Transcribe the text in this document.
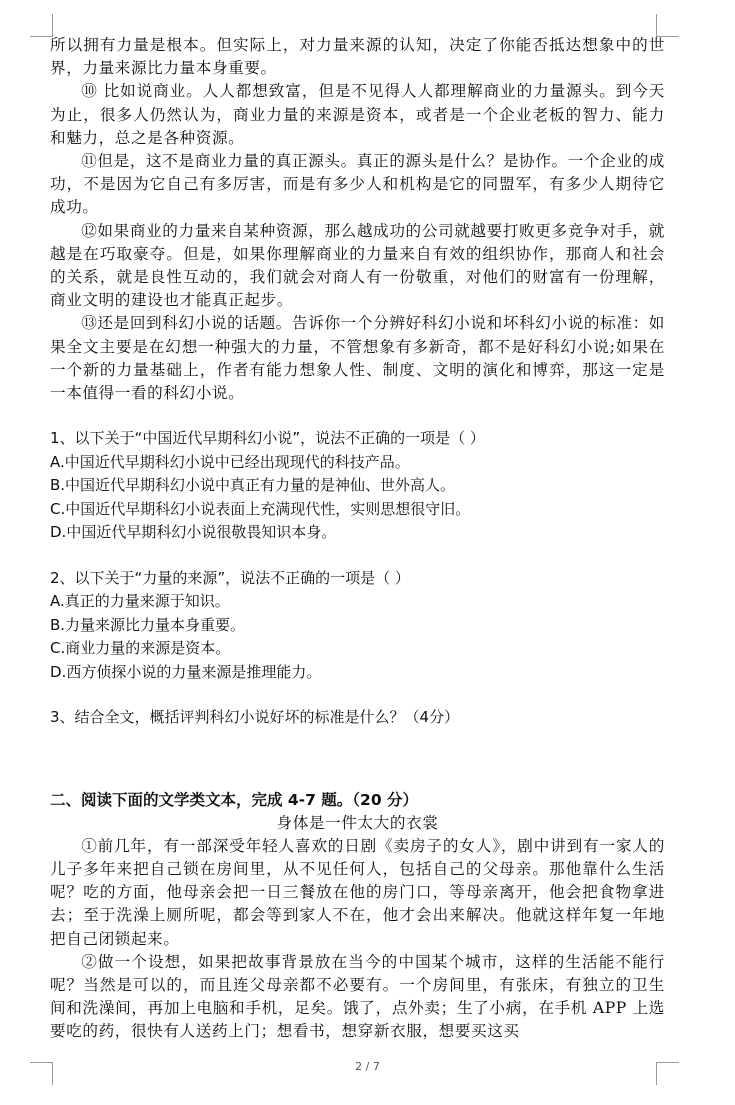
所以拥有力量是根本。但实际上，对力量来源的认知，决定了你能否抵达想象中的世界，力量来源比力量本身重要。

⑩ 比如说商业。人人都想致富，但是不见得人人都理解商业的力量源头。到今天为止，很多人仍然认为，商业力量的来源是资本，或者是一个企业老板的智力、能力和魅力，总之是各种资源。

⑪但是，这不是商业力量的真正源头。真正的源头是什么？是协作。一个企业的成功，不是因为它自己有多厉害，而是有多少人和机构是它的同盟军，有多少人期待它成功。

⑫如果商业的力量来自某种资源，那么越成功的公司就越要打败更多竞争对手，就越是在巧取豪夺。但是，如果你理解商业的力量来自有效的组织协作，那商人和社会的关系，就是良性互动的，我们就会对商人有一份敬重，对他们的财富有一份理解，商业文明的建设也才能真正起步。

⑬还是回到科幻小说的话题。告诉你一个分辨好科幻小说和坏科幻小说的标准：如果全文主要是在幻想一种强大的力量，不管想象有多新奇，都不是好科幻小说;如果在一个新的力量基础上，作者有能力想象人性、制度、文明的演化和博弈，那这一定是一本值得一看的科幻小说。

1、以下关于“中国近代早期科幻小说”，说法不正确的一项是（ ）

A.中国近代早期科幻小说中已经出现现代的科技产品。

B.中国近代早期科幻小说中真正有力量的是神仙、世外高人。

C.中国近代早期科幻小说表面上充满现代性，实则思想很守旧。

D.中国近代早期科幻小说很敬畏知识本身。

2、以下关于“力量的来源”，说法不正确的一项是（ ）

A.真正的力量来源于知识。

B.力量来源比力量本身重要。

C.商业力量的来源是资本。

D.西方侦探小说的力量来源是推理能力。

3、结合全文，概括评判科幻小说好坏的标准是什么？（4分）

二、阅读下面的文学类文本，完成 4-7 题。（20 分）

身体是一件太大的衣裳

①前几年，有一部深受年轻人喜欢的日剧《卖房子的女人》，剧中讲到有一家人的儿子多年来把自己锁在房间里，从不见任何人，包括自己的父母亲。那他靠什么生活呢？吃的方面，他母亲会把一日三餐放在他的房门口，等母亲离开，他会把食物拿进去；至于洗澡上厕所呢，都会等到家人不在，他才会出来解决。他就这样年复一年地把自己闭锁起来。

②做一个设想，如果把故事背景放在当今的中国某个城市，这样的生活能不能行呢？当然是可以的，而且连父母亲都不必要有。一个房间里，有张床，有独立的卫生间和洗澡间，再加上电脑和手机，足矣。饿了，点外卖；生了小病，在手机 APP 上选要吃的药，很快有人送药上门；想看书，想穿新衣服，想要买这买

2 / 7
